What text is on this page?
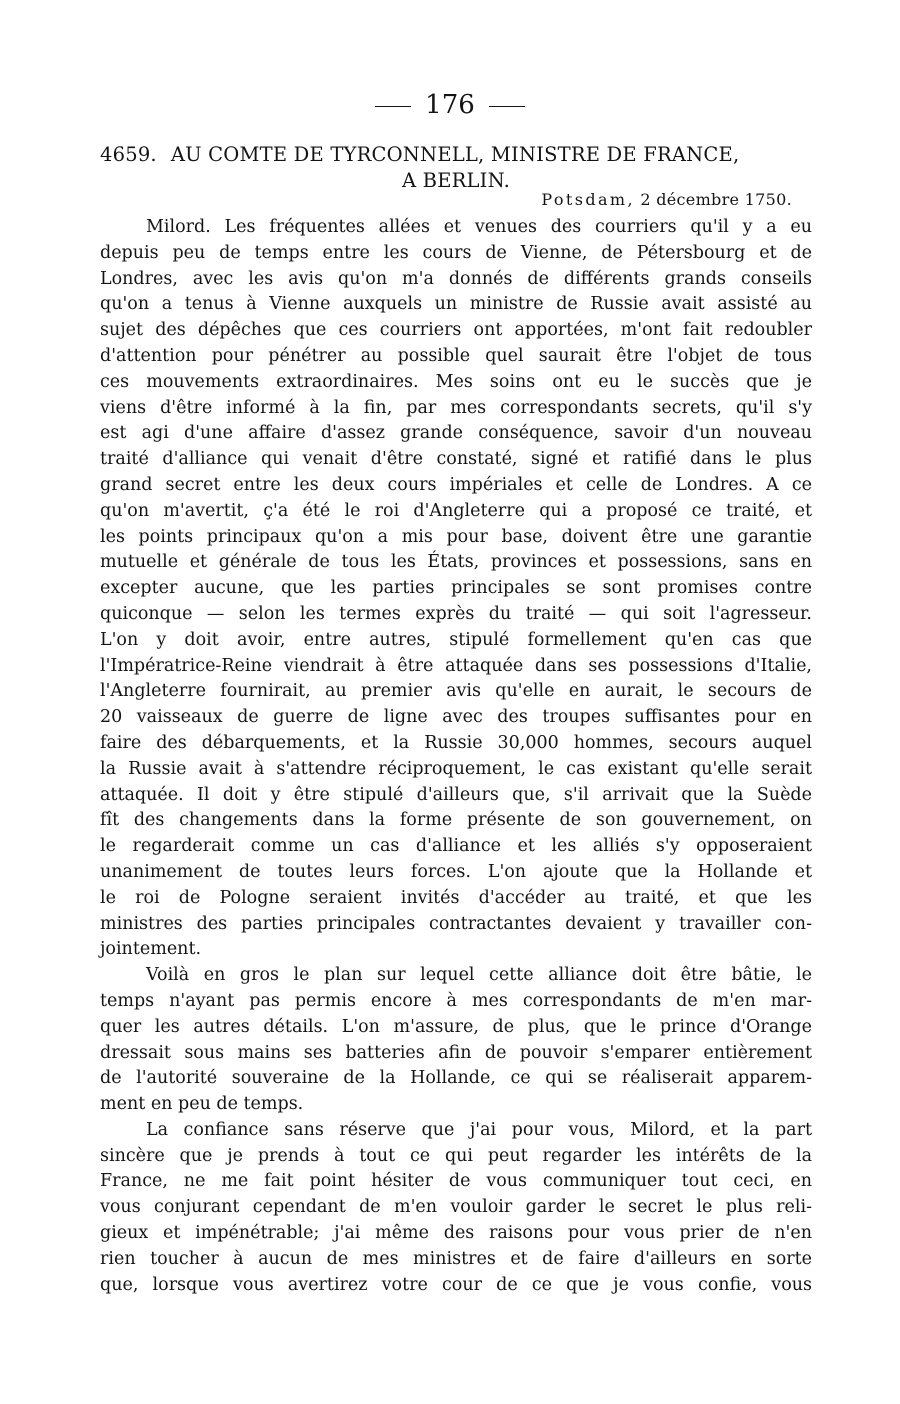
176
4659. AU COMTE DE TYRCONNELL, MINISTRE DE FRANCE,
A BERLIN.
Potsdam, 2 décembre 1750.
Milord. Les fréquentes allées et venues des courriers qu'il y a eu
depuis peu de temps entre les cours de Vienne, de Pétersbourg et de
Londres, avec les avis qu'on m'a donnés de différents grands conseils
qu'on a tenus à Vienne auxquels un ministre de Russie avait assisté au
sujet des dépêches que ces courriers ont apportées, m'ont fait redoubler
d'attention pour pénétrer au possible quel saurait être l'objet de tous
ces mouvements extraordinaires. Mes soins ont eu le succès que je
viens d'être informé à la fin, par mes correspondants secrets, qu'il s'y
est agi d'une affaire d'assez grande conséquence, savoir d'un nouveau
traité d'alliance qui venait d'être constaté, signé et ratifié dans le plus
grand secret entre les deux cours impériales et celle de Londres. A ce
qu'on m'avertit, ç'a été le roi d'Angleterre qui a proposé ce traité, et
les points principaux qu'on a mis pour base, doivent être une garantie
mutuelle et générale de tous les États, provinces et possessions, sans en
excepter aucune, que les parties principales se sont promises contre
quiconque — selon les termes exprès du traité — qui soit l'agresseur.
L'on y doit avoir, entre autres, stipulé formellement qu'en cas que
l'Impératrice-Reine viendrait à être attaquée dans ses possessions d'Italie,
l'Angleterre fournirait, au premier avis qu'elle en aurait, le secours de
20 vaisseaux de guerre de ligne avec des troupes suffisantes pour en
faire des débarquements, et la Russie 30,000 hommes, secours auquel
la Russie avait à s'attendre réciproquement, le cas existant qu'elle serait
attaquée. Il doit y être stipulé d'ailleurs que, s'il arrivait que la Suède
fît des changements dans la forme présente de son gouvernement, on
le regarderait comme un cas d'alliance et les alliés s'y opposeraient
unanimement de toutes leurs forces. L'on ajoute que la Hollande et
le roi de Pologne seraient invités d'accéder au traité, et que les
ministres des parties principales contractantes devaient y travailler con-
jointement.
Voilà en gros le plan sur lequel cette alliance doit être bâtie, le
temps n'ayant pas permis encore à mes correspondants de m'en mar-
quer les autres détails. L'on m'assure, de plus, que le prince d'Orange
dressait sous mains ses batteries afin de pouvoir s'emparer entièrement
de l'autorité souveraine de la Hollande, ce qui se réaliserait apparem-
ment en peu de temps.
La confiance sans réserve que j'ai pour vous, Milord, et la part
sincère que je prends à tout ce qui peut regarder les intérêts de la
France, ne me fait point hésiter de vous communiquer tout ceci, en
vous conjurant cependant de m'en vouloir garder le secret le plus reli-
gieux et impénétrable; j'ai même des raisons pour vous prier de n'en
rien toucher à aucun de mes ministres et de faire d'ailleurs en sorte
que, lorsque vous avertirez votre cour de ce que je vous confie, vous
